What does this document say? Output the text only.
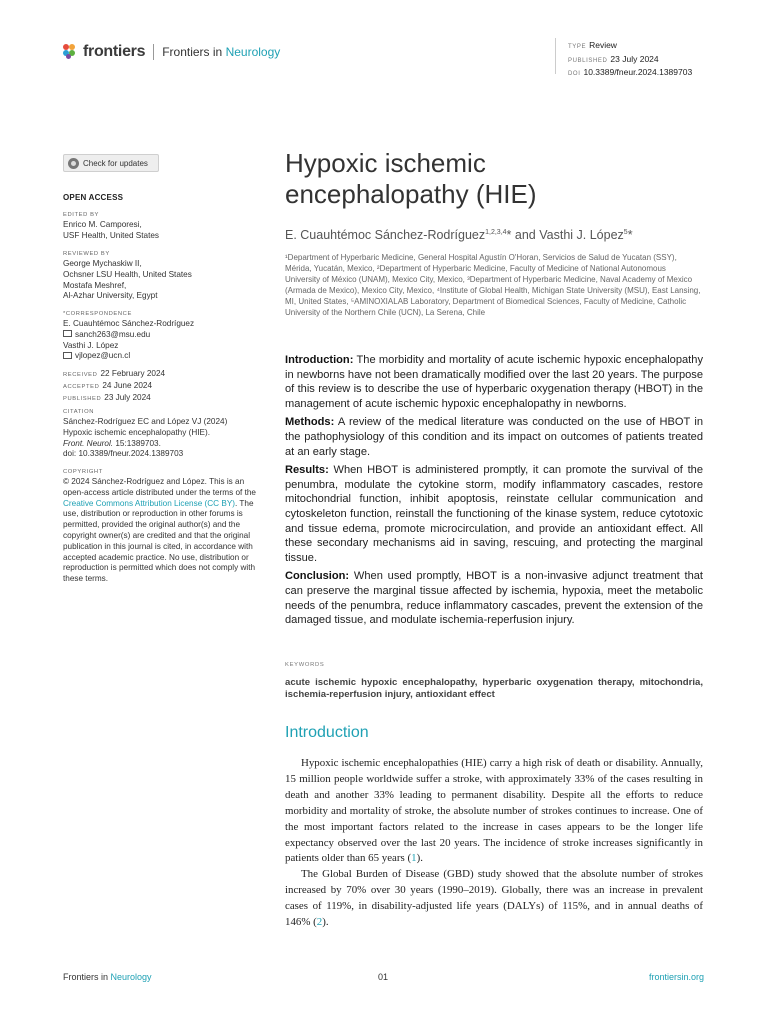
frontiers Frontiers in Neurology	TYPE Review
PUBLISHED 23 July 2024
DOI 10.3389/fneur.2024.1389703
Check for updates
OPEN ACCESS
EDITED BY
Enrico M. Camporesi,
USF Health, United States
REVIEWED BY
George Mychaskiw II,
Ochsner LSU Health, United States
Mostafa Meshref,
Al-Azhar University, Egypt
*CORRESPONDENCE
E. Cuauhtémoc Sánchez-Rodríguez
sanch263@msu.edu
Vasthi J. López
vjlopez@ucn.cl
RECEIVED 22 February 2024
ACCEPTED 24 June 2024
PUBLISHED 23 July 2024
CITATION
Sánchez-Rodríguez EC and López VJ (2024)
Hypoxic ischemic encephalopathy (HIE).
Front. Neurol. 15:1389703.
doi: 10.3389/fneur.2024.1389703
COPYRIGHT
© 2024 Sánchez-Rodríguez and López. This is an open-access article distributed under the terms of the Creative Commons Attribution License (CC BY). The use, distribution or reproduction in other forums is permitted, provided the original author(s) and the copyright owner(s) are credited and that the original publication in this journal is cited, in accordance with accepted academic practice. No use, distribution or reproduction is permitted which does not comply with these terms.
Hypoxic ischemic
encephalopathy (HIE)
E. Cuauhtémoc Sánchez-Rodríguez$^{1,2,3,4}$* and Vasthi J. López$^5$*
¹Department of Hyperbaric Medicine, General Hospital Agustín O'Horan, Servicios de Salud de Yucatan (SSY), Mérida, Yucatán, Mexico, ²Department of Hyperbaric Medicine, Faculty of Medicine of National Autonomous University of México (UNAM), Mexico City, Mexico, ³Department of Hyperbaric Medicine, Naval Academy of Mexico (Armada de Mexico), Mexico City, Mexico, ⁴Institute of Global Health, Michigan State University (MSU), East Lansing, MI, United States, ⁵AMINOXIALAB Laboratory, Department of Biomedical Sciences, Faculty of Medicine, Catholic University of the Northern Chile (UCN), La Serena, Chile

Introduction: The morbidity and mortality of acute ischemic hypoxic encephalopathy in newborns have not been dramatically modified over the last 20 years. The purpose of this review is to describe the use of hyperbaric oxygenation therapy (HBOT) in the management of acute ischemic hypoxic encephalopathy in newborns.

Methods: A review of the medical literature was conducted on the use of HBOT in the pathophysiology of this condition and its impact on outcomes of patients treated at an early stage.

Results: When HBOT is administered promptly, it can promote the survival of the penumbra, modulate the cytokine storm, modify inflammatory cascades, restore mitochondrial function, inhibit apoptosis, reinstate cellular communication and cytoskeleton function, reinstall the functioning of the kinase system, reduce cytotoxic and tissue edema, promote microcirculation, and provide an antioxidant effect. All these secondary mechanisms aid in saving, rescuing, and protecting the marginal tissue.

Conclusion: When used promptly, HBOT is a non-invasive adjunct treatment that can preserve the marginal tissue affected by ischemia, hypoxia, meet the metabolic needs of the penumbra, reduce inflammatory cascades, prevent the extension of the damaged tissue, and modulate ischemia-reperfusion injury.

KEYWORDS
acute ischemic hypoxic encephalopathy, hyperbaric oxygenation therapy, mitochondria, ischemia-reperfusion injury, antioxidant effect
Introduction

Hypoxic ischemic encephalopathies (HIE) carry a high risk of death or disability. Annually, 15 million people worldwide suffer a stroke, with approximately 33% of the cases resulting in death and another 33% leading to permanent disability. Despite all the efforts to reduce morbidity and mortality of stroke, the absolute number of strokes continues to increase. One of the most important factors related to the increase in cases appears to be the longer life expectancy observed over the last 20 years. The incidence of stroke increases significantly in patients older than 65 years (1).

The Global Burden of Disease (GBD) study showed that the absolute number of strokes increased by 70% over 30 years (1990–2019). Globally, there was an increase in prevalent cases of 119%, in disability-adjusted life years (DALYs) of 115%, and in annual deaths of 146% (2).

Frontiers in Neurology	01	frontiersin.org
